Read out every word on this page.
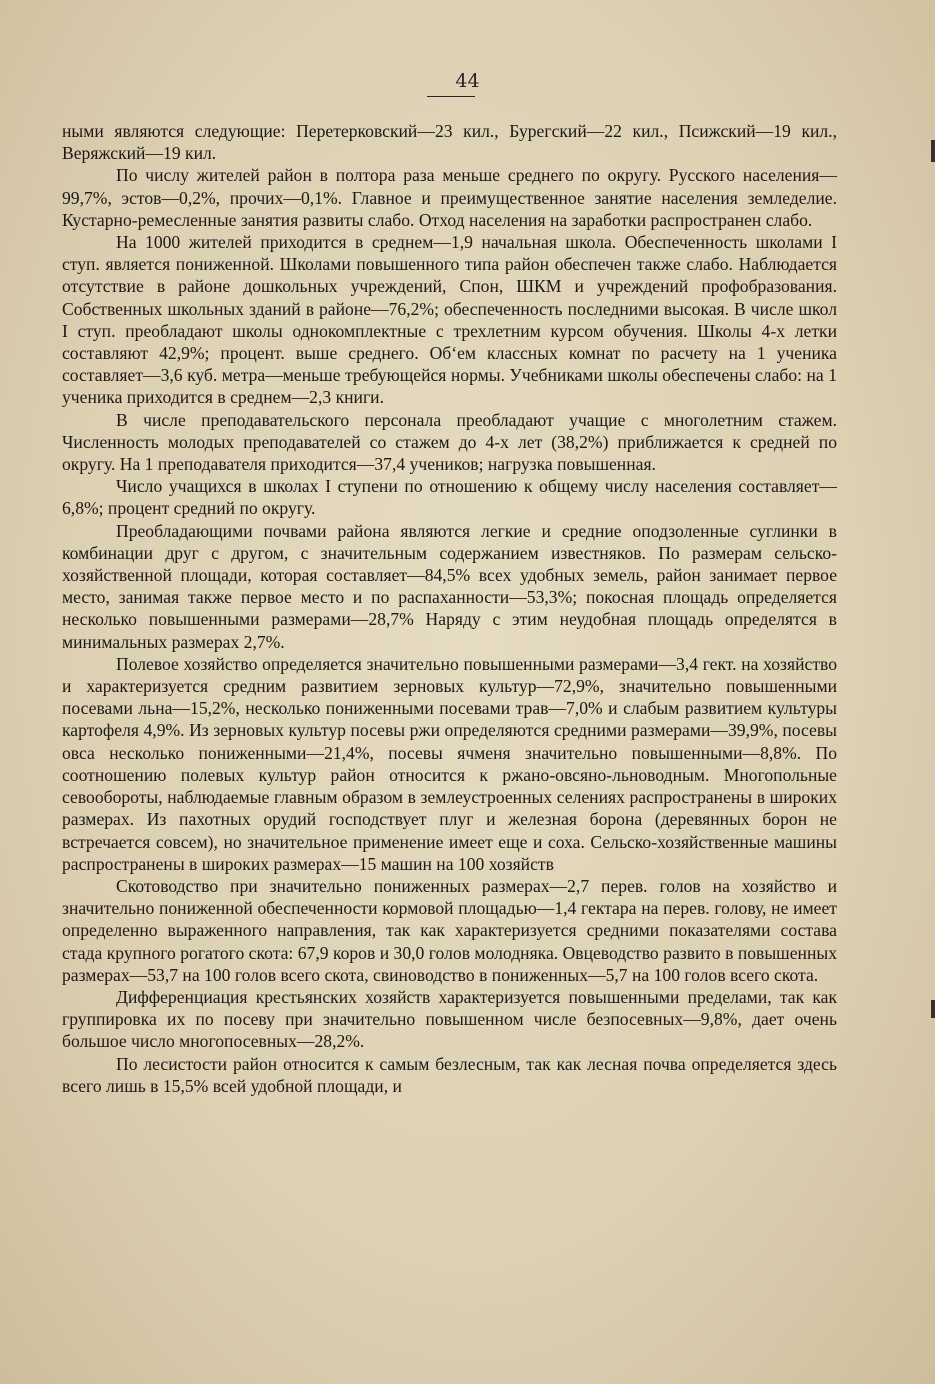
44

ными являются следующие: Перетерковский—23 кил., Бурегский—22 кил., Псижский—19 кил., Веряжский—19 кил.

По числу жителей район в полтора раза меньше среднего по округу. Русского населения—99,7%, эстов—0,2%, прочих—0,1%. Главное и преимущественное занятие населения земледелие. Кустарно-ремесленные занятия развиты слабо. Отход населения на заработки распространен слабо.

На 1000 жителей приходится в среднем—1,9 начальная школа. Обеспеченность школами I ступ. является пониженной. Школами повышенного типа район обеспечен также слабо. Наблюдается отсутствие в районе дошкольных учреждений, Спон, ШКМ и учреждений профобразования. Собственных школьных зданий в районе—76,2%; обеспеченность последними высокая. В числе школ I ступ. преобладают школы однокомплектные с трехлетним курсом обучения. Школы 4-х летки составляют 42,9%; процент. выше среднего. Об‘ем классных комнат по расчету на 1 ученика составляет—3,6 куб. метра—меньше требующейся нормы. Учебниками школы обеспечены слабо: на 1 ученика приходится в среднем—2,3 книги.

В числе преподавательского персонала преобладают учащие с многолетним стажем. Численность молодых преподавателей со стажем до 4-х лет (38,2%) приближается к средней по округу. На 1 преподавателя приходится—37,4 учеников; нагрузка повышенная.

Число учащихся в школах I ступени по отношению к общему числу населения составляет—6,8%; процент средний по округу.

Преобладающими почвами района являются легкие и средние оподзоленные суглинки в комбинации друг с другом, с значительным содержанием известняков. По размерам сельско-хозяйственной площади, которая составляет—84,5% всех удобных земель, район занимает первое место, занимая также первое место и по распаханности—53,3%; покосная площадь определяется несколько повышенными размерами—28,7% Наряду с этим неудобная площадь определятся в минимальных размерах 2,7%.

Полевое хозяйство определяется значительно повышенными размерами—3,4 гект. на хозяйство и характеризуется средним развитием зерновых культур—72,9%, значительно повышенными посевами льна—15,2%, несколько пониженными посевами трав—7,0% и слабым развитием культуры картофеля 4,9%. Из зерновых культур посевы ржи определяются средними размерами—39,9%, посевы овса несколько пониженными—21,4%, посевы ячменя значительно повышенными—8,8%. По соотношению полевых культур район относится к ржано-овсяно-льноводным. Многопольные севообороты, наблюдаемые главным образом в землеустроенных селениях распространены в широких размерах. Из пахотных орудий господствует плуг и железная борона (деревянных борон не встречается совсем), но значительное применение имеет еще и соха. Сельско-хозяйственные машины распространены в широких размерах—15 машин на 100 хозяйств

Скотоводство при значительно пониженных размерах—2,7 перев. голов на хозяйство и значительно пониженной обеспеченности кормовой площадью—1,4 гектара на перев. голову, не имеет определенно выраженного направления, так как характеризуется средними показателями состава стада крупного рогатого скота: 67,9 коров и 30,0 голов молодняка. Овцеводство развито в повышенных размерах—53,7 на 100 голов всего скота, свиноводство в пониженных—5,7 на 100 голов всего скота.

Дифференциация крестьянских хозяйств характеризуется повышенными пределами, так как группировка их по посеву при значительно повышенном числе безпосевных—9,8%, дает очень большое число многопосевных—28,2%.

По лесистости район относится к самым безлесным, так как лесная почва определяется здесь всего лишь в 15,5% всей удобной площади, и
